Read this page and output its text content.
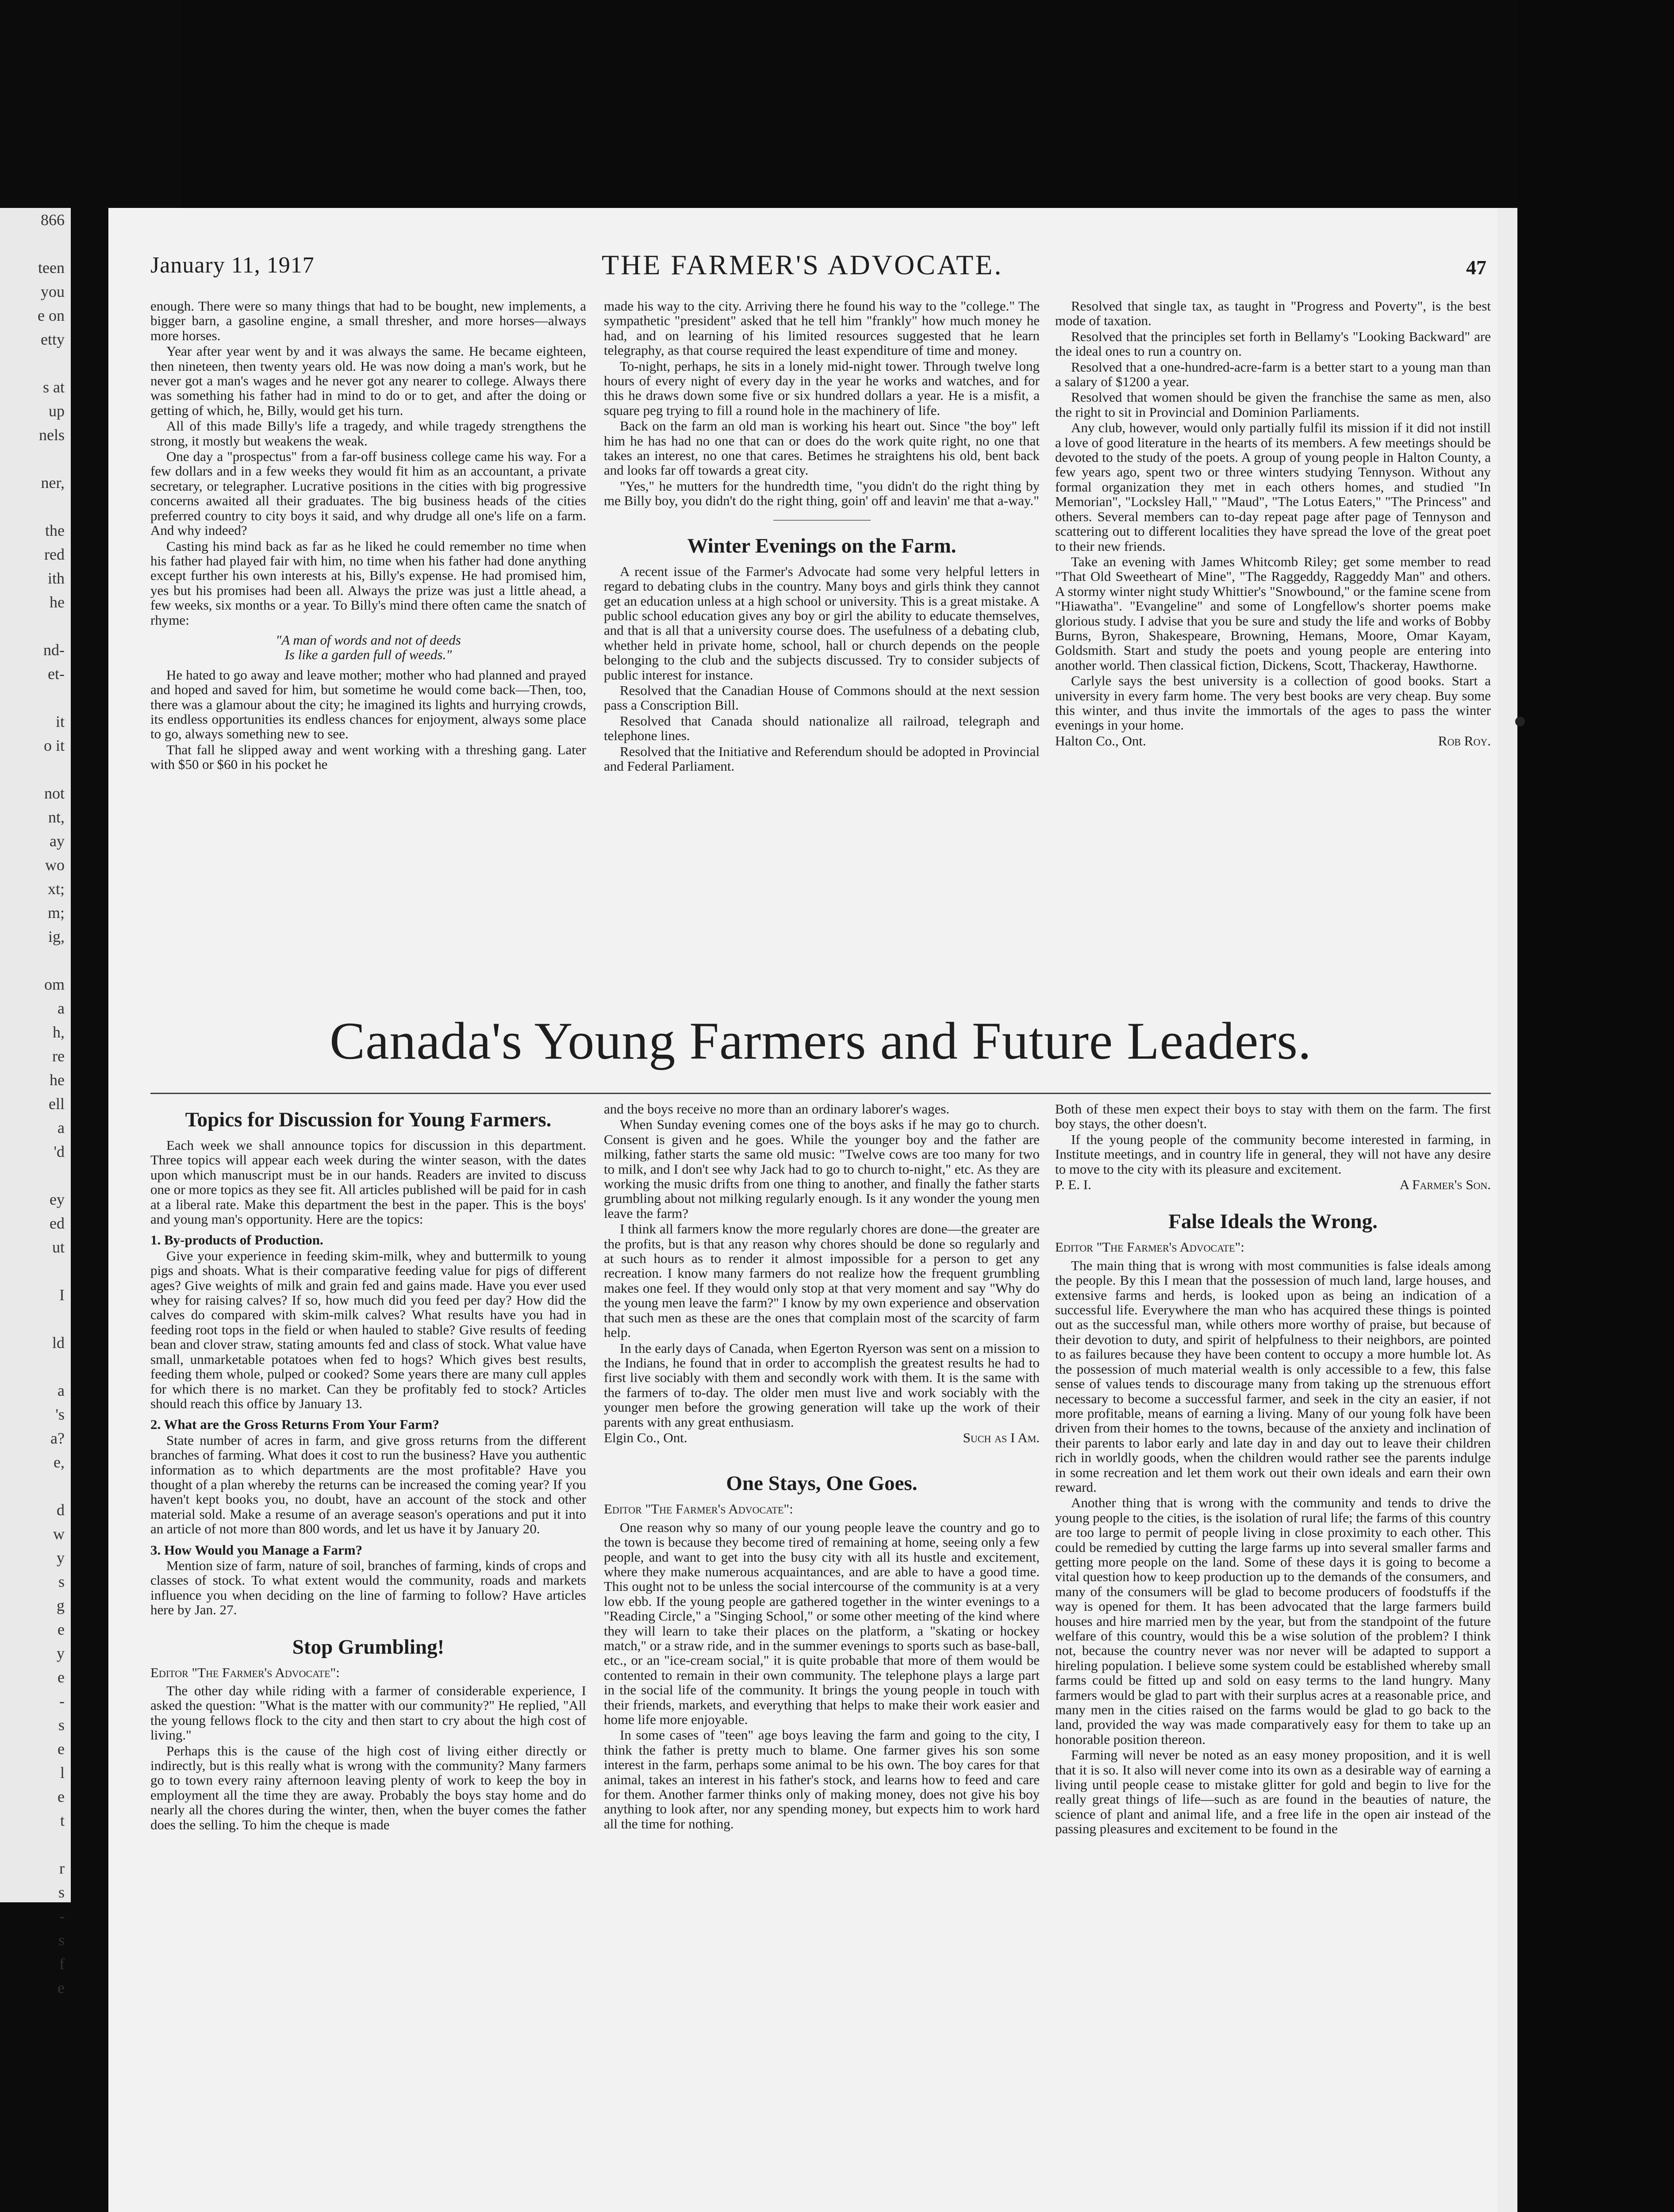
866

teen
you
e on
etty

s at
up
nels

ner,

the
red
ith
he

nd-
et-

it
o it

not
nt,
ay
wo
xt;
m;
ig,

om
a
h,
re
he
ell
a
'd

ey
ed
ut

I

ld

a
's
a?
e,

d
w
y
s
g
e
y
e
-
s
e
l
e
t

r
s
-
s
f
e
January 11, 1917	THE FARMER'S ADVOCATE.	47

enough. There were so many things that had to be bought, new implements, a bigger barn, a gasoline engine, a small thresher, and more horses—always more horses.

Year after year went by and it was always the same. He became eighteen, then nineteen, then twenty years old. He was now doing a man's work, but he never got a man's wages and he never got any nearer to college. Always there was something his father had in mind to do or to get, and after the doing or getting of which, he, Billy, would get his turn.

All of this made Billy's life a tragedy, and while tragedy strengthens the strong, it mostly but weakens the weak.

One day a "prospectus" from a far-off business college came his way. For a few dollars and in a few weeks they would fit him as an accountant, a private secretary, or telegrapher. Lucrative positions in the cities with big progressive concerns awaited all their graduates. The big business heads of the cities preferred country to city boys it said, and why drudge all one's life on a farm. And why indeed?

Casting his mind back as far as he liked he could remember no time when his father had played fair with him, no time when his father had done anything except further his own interests at his, Billy's expense. He had promised him, yes but his promises had been all. Always the prize was just a little ahead, a few weeks, six months or a year. To Billy's mind there often came the snatch of rhyme:

"A man of words and not of deeds
Is like a garden full of weeds."

He hated to go away and leave mother; mother who had planned and prayed and hoped and saved for him, but sometime he would come back—Then, too, there was a glamour about the city; he imagined its lights and hurrying crowds, its endless opportunities its endless chances for enjoyment, always some place to go, always something new to see.

That fall he slipped away and went working with a threshing gang. Later with $50 or $60 in his pocket he

made his way to the city. Arriving there he found his way to the "college." The sympathetic "president" asked that he tell him "frankly" how much money he had, and on learning of his limited resources suggested that he learn telegraphy, as that course required the least expenditure of time and money.

To-night, perhaps, he sits in a lonely mid-night tower. Through twelve long hours of every night of every day in the year he works and watches, and for this he draws down some five or six hundred dollars a year. He is a misfit, a square peg trying to fill a round hole in the machinery of life.

Back on the farm an old man is working his heart out. Since "the boy" left him he has had no one that can or does do the work quite right, no one that takes an interest, no one that cares. Betimes he straightens his old, bent back and looks far off towards a great city.

"Yes," he mutters for the hundredth time, "you didn't do the right thing by me Billy boy, you didn't do the right thing, goin' off and leavin' me that a-way."

Winter Evenings on the Farm.

A recent issue of the Farmer's Advocate had some very helpful letters in regard to debating clubs in the country. Many boys and girls think they cannot get an education unless at a high school or university. This is a great mistake. A public school education gives any boy or girl the ability to educate themselves, and that is all that a university course does. The usefulness of a debating club, whether held in private home, school, hall or church depends on the people belonging to the club and the subjects discussed. Try to consider subjects of public interest for instance.

Resolved that the Canadian House of Commons should at the next session pass a Conscription Bill.

Resolved that Canada should nationalize all railroad, telegraph and telephone lines.

Resolved that the Initiative and Referendum should be adopted in Provincial and Federal Parliament.

Resolved that single tax, as taught in "Progress and Poverty", is the best mode of taxation.

Resolved that the principles set forth in Bellamy's "Looking Backward" are the ideal ones to run a country on.

Resolved that a one-hundred-acre-farm is a better start to a young man than a salary of $1200 a year.

Resolved that women should be given the franchise the same as men, also the right to sit in Provincial and Dominion Parliaments.

Any club, however, would only partially fulfil its mission if it did not instill a love of good literature in the hearts of its members. A few meetings should be devoted to the study of the poets. A group of young people in Halton County, a few years ago, spent two or three winters studying Tennyson. Without any formal organization they met in each others homes, and studied "In Memorian", "Locksley Hall," "Maud", "The Lotus Eaters," "The Princess" and others. Several members can to-day repeat page after page of Tennyson and scattering out to different localities they have spread the love of the great poet to their new friends.

Take an evening with James Whitcomb Riley; get some member to read "That Old Sweetheart of Mine", "The Raggeddy, Raggeddy Man" and others. A stormy winter night study Whittier's "Snowbound," or the famine scene from "Hiawatha". "Evangeline" and some of Longfellow's shorter poems make glorious study. I advise that you be sure and study the life and works of Bobby Burns, Byron, Shakespeare, Browning, Hemans, Moore, Omar Kayam, Goldsmith. Start and study the poets and young people are entering into another world. Then classical fiction, Dickens, Scott, Thackeray, Hawthorne.

Carlyle says the best university is a collection of good books. Start a university in every farm home. The very best books are very cheap. Buy some this winter, and thus invite the immortals of the ages to pass the winter evenings in your home.

Halton Co., Ont.	Rob Roy.

Canada's Young Farmers and Future Leaders.
Topics for Discussion for Young Farmers.

Each week we shall announce topics for discussion in this department. Three topics will appear each week during the winter season, with the dates upon which manuscript must be in our hands. Readers are invited to discuss one or more topics as they see fit. All articles published will be paid for in cash at a liberal rate. Make this department the best in the paper. This is the boys' and young man's opportunity. Here are the topics:

1. By-products of Production.

Give your experience in feeding skim-milk, whey and buttermilk to young pigs and shoats. What is their comparative feeding value for pigs of different ages? Give weights of milk and grain fed and gains made. Have you ever used whey for raising calves? If so, how much did you feed per day? How did the calves do compared with skim-milk calves? What results have you had in feeding root tops in the field or when hauled to stable? Give results of feeding bean and clover straw, stating amounts fed and class of stock. What value have small, unmarketable potatoes when fed to hogs? Which gives best results, feeding them whole, pulped or cooked? Some years there are many cull apples for which there is no market. Can they be profitably fed to stock? Articles should reach this office by January 13.

2. What are the Gross Returns From Your Farm?

State number of acres in farm, and give gross returns from the different branches of farming. What does it cost to run the business? Have you authentic information as to which departments are the most profitable? Have you thought of a plan whereby the returns can be increased the coming year? If you haven't kept books you, no doubt, have an account of the stock and other material sold. Make a resume of an average season's operations and put it into an article of not more than 800 words, and let us have it by January 20.

3. How Would you Manage a Farm?

Mention size of farm, nature of soil, branches of farming, kinds of crops and classes of stock. To what extent would the community, roads and markets influence you when deciding on the line of farming to follow? Have articles here by Jan. 27.

Stop Grumbling!

Editor "The Farmer's Advocate":

The other day while riding with a farmer of considerable experience, I asked the question: "What is the matter with our community?" He replied, "All the young fellows flock to the city and then start to cry about the high cost of living."

Perhaps this is the cause of the high cost of living either directly or indirectly, but is this really what is wrong with the community? Many farmers go to town every rainy afternoon leaving plenty of work to keep the boy in employment all the time they are away. Probably the boys stay home and do nearly all the chores during the winter, then, when the buyer comes the father does the selling. To him the cheque is made

and the boys receive no more than an ordinary laborer's wages.

When Sunday evening comes one of the boys asks if he may go to church. Consent is given and he goes. While the younger boy and the father are milking, father starts the same old music: "Twelve cows are too many for two to milk, and I don't see why Jack had to go to church to-night," etc. As they are working the music drifts from one thing to another, and finally the father starts grumbling about not milking regularly enough. Is it any wonder the young men leave the farm?

I think all farmers know the more regularly chores are done—the greater are the profits, but is that any reason why chores should be done so regularly and at such hours as to render it almost impossible for a person to get any recreation. I know many farmers do not realize how the frequent grumbling makes one feel. If they would only stop at that very moment and say "Why do the young men leave the farm?" I know by my own experience and observation that such men as these are the ones that complain most of the scarcity of farm help.

In the early days of Canada, when Egerton Ryerson was sent on a mission to the Indians, he found that in order to accomplish the greatest results he had to first live sociably with them and secondly work with them. It is the same with the farmers of to-day. The older men must live and work sociably with the younger men before the growing generation will take up the work of their parents with any great enthusiasm.

Elgin Co., Ont.	Such as I Am.

One Stays, One Goes.

Editor "The Farmer's Advocate":

One reason why so many of our young people leave the country and go to the town is because they become tired of remaining at home, seeing only a few people, and want to get into the busy city with all its hustle and excitement, where they make numerous acquaintances, and are able to have a good time. This ought not to be unless the social intercourse of the community is at a very low ebb. If the young people are gathered together in the winter evenings to a "Reading Circle," a "Singing School," or some other meeting of the kind where they will learn to take their places on the platform, a "skating or hockey match," or a straw ride, and in the summer evenings to sports such as base-ball, etc., or an "ice-cream social," it is quite probable that more of them would be contented to remain in their own community. The telephone plays a large part in the social life of the community. It brings the young people in touch with their friends, markets, and everything that helps to make their work easier and home life more enjoyable.

In some cases of "teen" age boys leaving the farm and going to the city, I think the father is pretty much to blame. One farmer gives his son some interest in the farm, perhaps some animal to be his own. The boy cares for that animal, takes an interest in his father's stock, and learns how to feed and care for them. Another farmer thinks only of making money, does not give his boy anything to look after, nor any spending money, but expects him to work hard all the time for nothing.

Both of these men expect their boys to stay with them on the farm. The first boy stays, the other doesn't.

If the young people of the community become interested in farming, in Institute meetings, and in country life in general, they will not have any desire to move to the city with its pleasure and excitement.

P. E. I.	A Farmer's Son.

False Ideals the Wrong.

Editor "The Farmer's Advocate":

The main thing that is wrong with most communities is false ideals among the people. By this I mean that the possession of much land, large houses, and extensive farms and herds, is looked upon as being an indication of a successful life. Everywhere the man who has acquired these things is pointed out as the successful man, while others more worthy of praise, but because of their devotion to duty, and spirit of helpfulness to their neighbors, are pointed to as failures because they have been content to occupy a more humble lot. As the possession of much material wealth is only accessible to a few, this false sense of values tends to discourage many from taking up the strenuous effort necessary to become a successful farmer, and seek in the city an easier, if not more profitable, means of earning a living. Many of our young folk have been driven from their homes to the towns, because of the anxiety and inclination of their parents to labor early and late day in and day out to leave their children rich in worldly goods, when the children would rather see the parents indulge in some recreation and let them work out their own ideals and earn their own reward.

Another thing that is wrong with the community and tends to drive the young people to the cities, is the isolation of rural life; the farms of this country are too large to permit of people living in close proximity to each other. This could be remedied by cutting the large farms up into several smaller farms and getting more people on the land. Some of these days it is going to become a vital question how to keep production up to the demands of the consumers, and many of the consumers will be glad to become producers of foodstuffs if the way is opened for them. It has been advocated that the large farmers build houses and hire married men by the year, but from the standpoint of the future welfare of this country, would this be a wise solution of the problem? I think not, because the country never was nor never will be adapted to support a hireling population. I believe some system could be established whereby small farms could be fitted up and sold on easy terms to the land hungry. Many farmers would be glad to part with their surplus acres at a reasonable price, and many men in the cities raised on the farms would be glad to go back to the land, provided the way was made comparatively easy for them to take up an honorable position thereon.

Farming will never be noted as an easy money proposition, and it is well that it is so. It also will never come into its own as a desirable way of earning a living until people cease to mistake glitter for gold and begin to live for the really great things of life—such as are found in the beauties of nature, the science of plant and animal life, and a free life in the open air instead of the passing pleasures and excitement to be found in the
